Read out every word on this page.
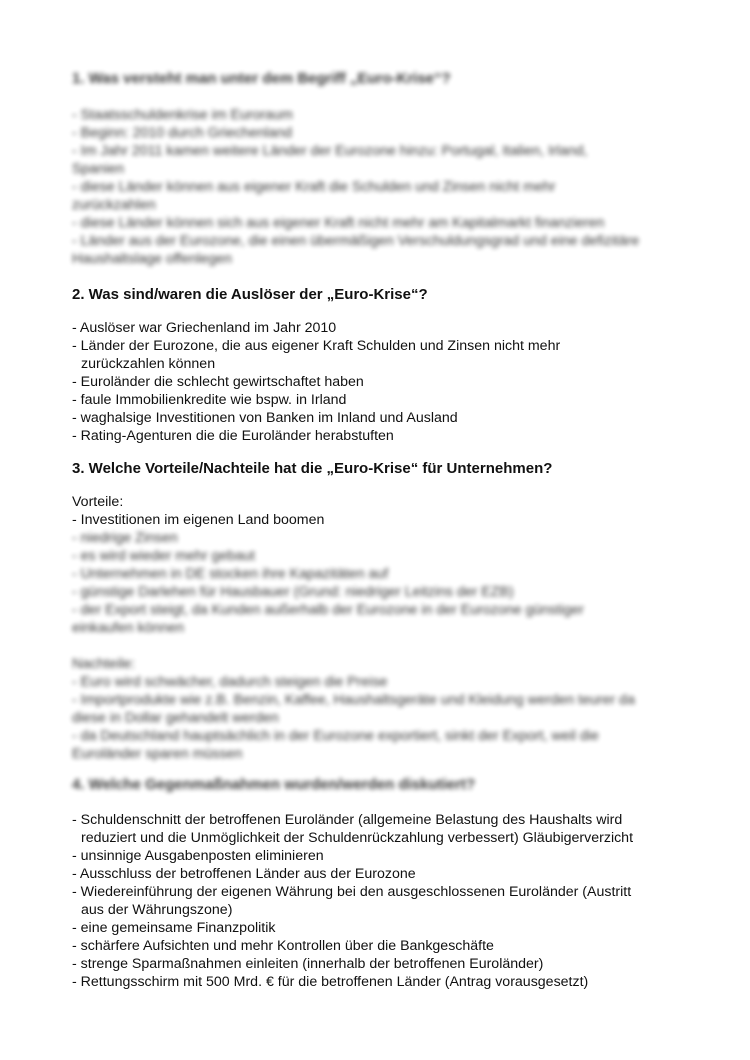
1. Was versteht man unter dem Begriff „Euro-Krise“?

- Staatsschuldenkrise im Euroraum
- Beginn: 2010 durch Griechenland
- Im Jahr 2011 kamen weitere Länder der Eurozone hinzu: Portugal, Italien, Irland,
Spanien
- diese Länder können aus eigener Kraft die Schulden und Zinsen nicht mehr
zurückzahlen
- diese Länder können sich aus eigener Kraft nicht mehr am Kapitalmarkt finanzieren
- Länder aus der Eurozone, die einen übermäßigen Verschuldungsgrad und eine defizitäre
Haushaltslage offenlegen

2. Was sind/waren die Auslöser der „Euro-Krise“?

- Auslöser war Griechenland im Jahr 2010
- Länder der Eurozone, die aus eigener Kraft Schulden und Zinsen nicht mehr
zurückzahlen können
- Euroländer die schlecht gewirtschaftet haben
- faule Immobilienkredite wie bspw. in Irland
- waghalsige Investitionen von Banken im Inland und Ausland
- Rating-Agenturen die die Euroländer herabstuften

3. Welche Vorteile/Nachteile hat die „Euro-Krise“ für Unternehmen?

Vorteile:
- Investitionen im eigenen Land boomen
- niedrige Zinsen
- es wird wieder mehr gebaut
- Unternehmen in DE stocken ihre Kapazitäten auf
- günstige Darlehen für Hausbauer (Grund: niedriger Leitzins der EZB)
- der Export steigt, da Kunden außerhalb der Eurozone in der Eurozone günstiger
einkaufen können
Nachteile:
- Euro wird schwächer, dadurch steigen die Preise
- Importprodukte wie z.B. Benzin, Kaffee, Haushaltsgeräte und Kleidung werden teurer da
diese in Dollar gehandelt werden
- da Deutschland hauptsächlich in der Eurozone exportiert, sinkt der Export, weil die
Euroländer sparen müssen

4. Welche Gegenmaßnahmen wurden/werden diskutiert?

- Schuldenschnitt der betroffenen Euroländer (allgemeine Belastung des Haushalts wird
reduziert und die Unmöglichkeit der Schuldenrückzahlung verbessert) Gläubigerverzicht
- unsinnige Ausgabenposten eliminieren
- Ausschluss der betroffenen Länder aus der Eurozone
- Wiedereinführung der eigenen Währung bei den ausgeschlossenen Euroländer (Austritt
aus der Währungszone)
- eine gemeinsame Finanzpolitik
- schärfere Aufsichten und mehr Kontrollen über die Bankgeschäfte
- strenge Sparmaßnahmen einleiten (innerhalb der betroffenen Euroländer)
- Rettungsschirm mit 500 Mrd. € für die betroffenen Länder (Antrag vorausgesetzt)
